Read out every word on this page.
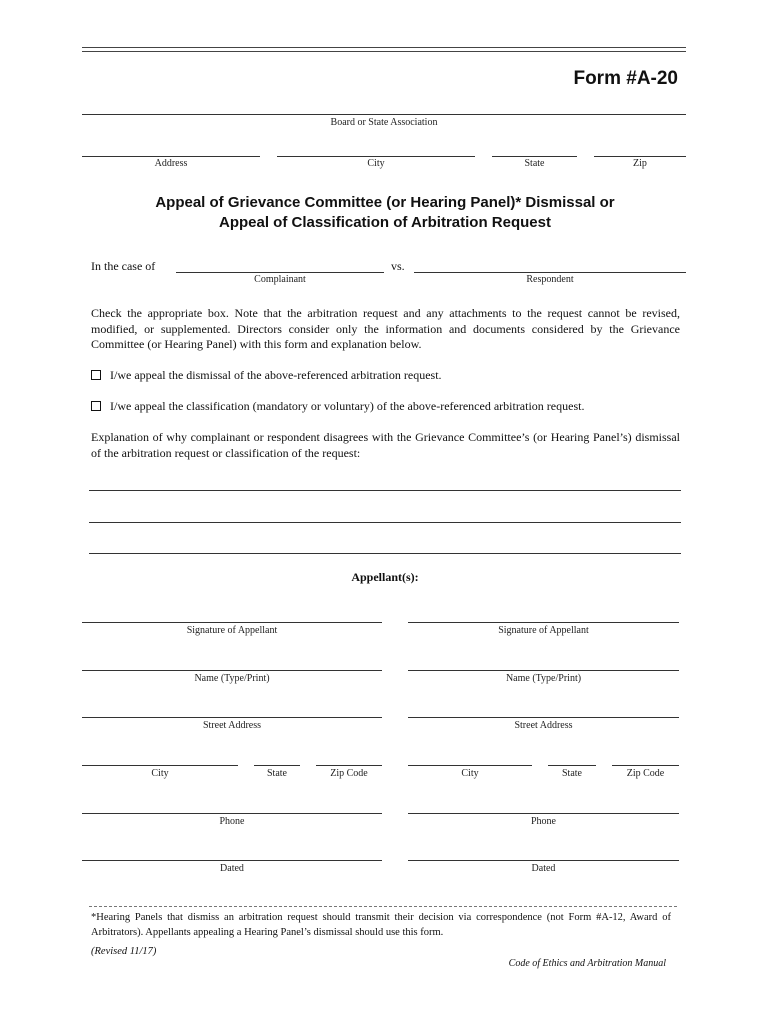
Form #A-20
Board or State Association
Address	City	State	Zip
Appeal of Grievance Committee (or Hearing Panel)* Dismissal or
Appeal of Classification of Arbitration Request
In the case of
Complainant
vs.
Respondent
Check the appropriate box. Note that the arbitration request and any attachments to the request cannot be revised, modified, or supplemented. Directors consider only the information and documents considered by the Grievance Committee (or Hearing Panel) with this form and explanation below.
I/we appeal the dismissal of the above-referenced arbitration request.
I/we appeal the classification (mandatory or voluntary) of the above-referenced arbitration request.
Explanation of why complainant or respondent disagrees with the Grievance Committee’s (or Hearing Panel’s) dismissal of the arbitration request or classification of the request:
Appellant(s):
Signature of Appellant
Name (Type/Print)
Street Address
City	State	Zip Code
Phone
Dated
Signature of Appellant
Name (Type/Print)
Street Address
City	State	Zip Code
Phone
Dated
*Hearing Panels that dismiss an arbitration request should transmit their decision via correspondence (not Form #A-12, Award of Arbitrators). Appellants appealing a Hearing Panel’s dismissal should use this form.
(Revised 11/17)
Code of Ethics and Arbitration Manual
